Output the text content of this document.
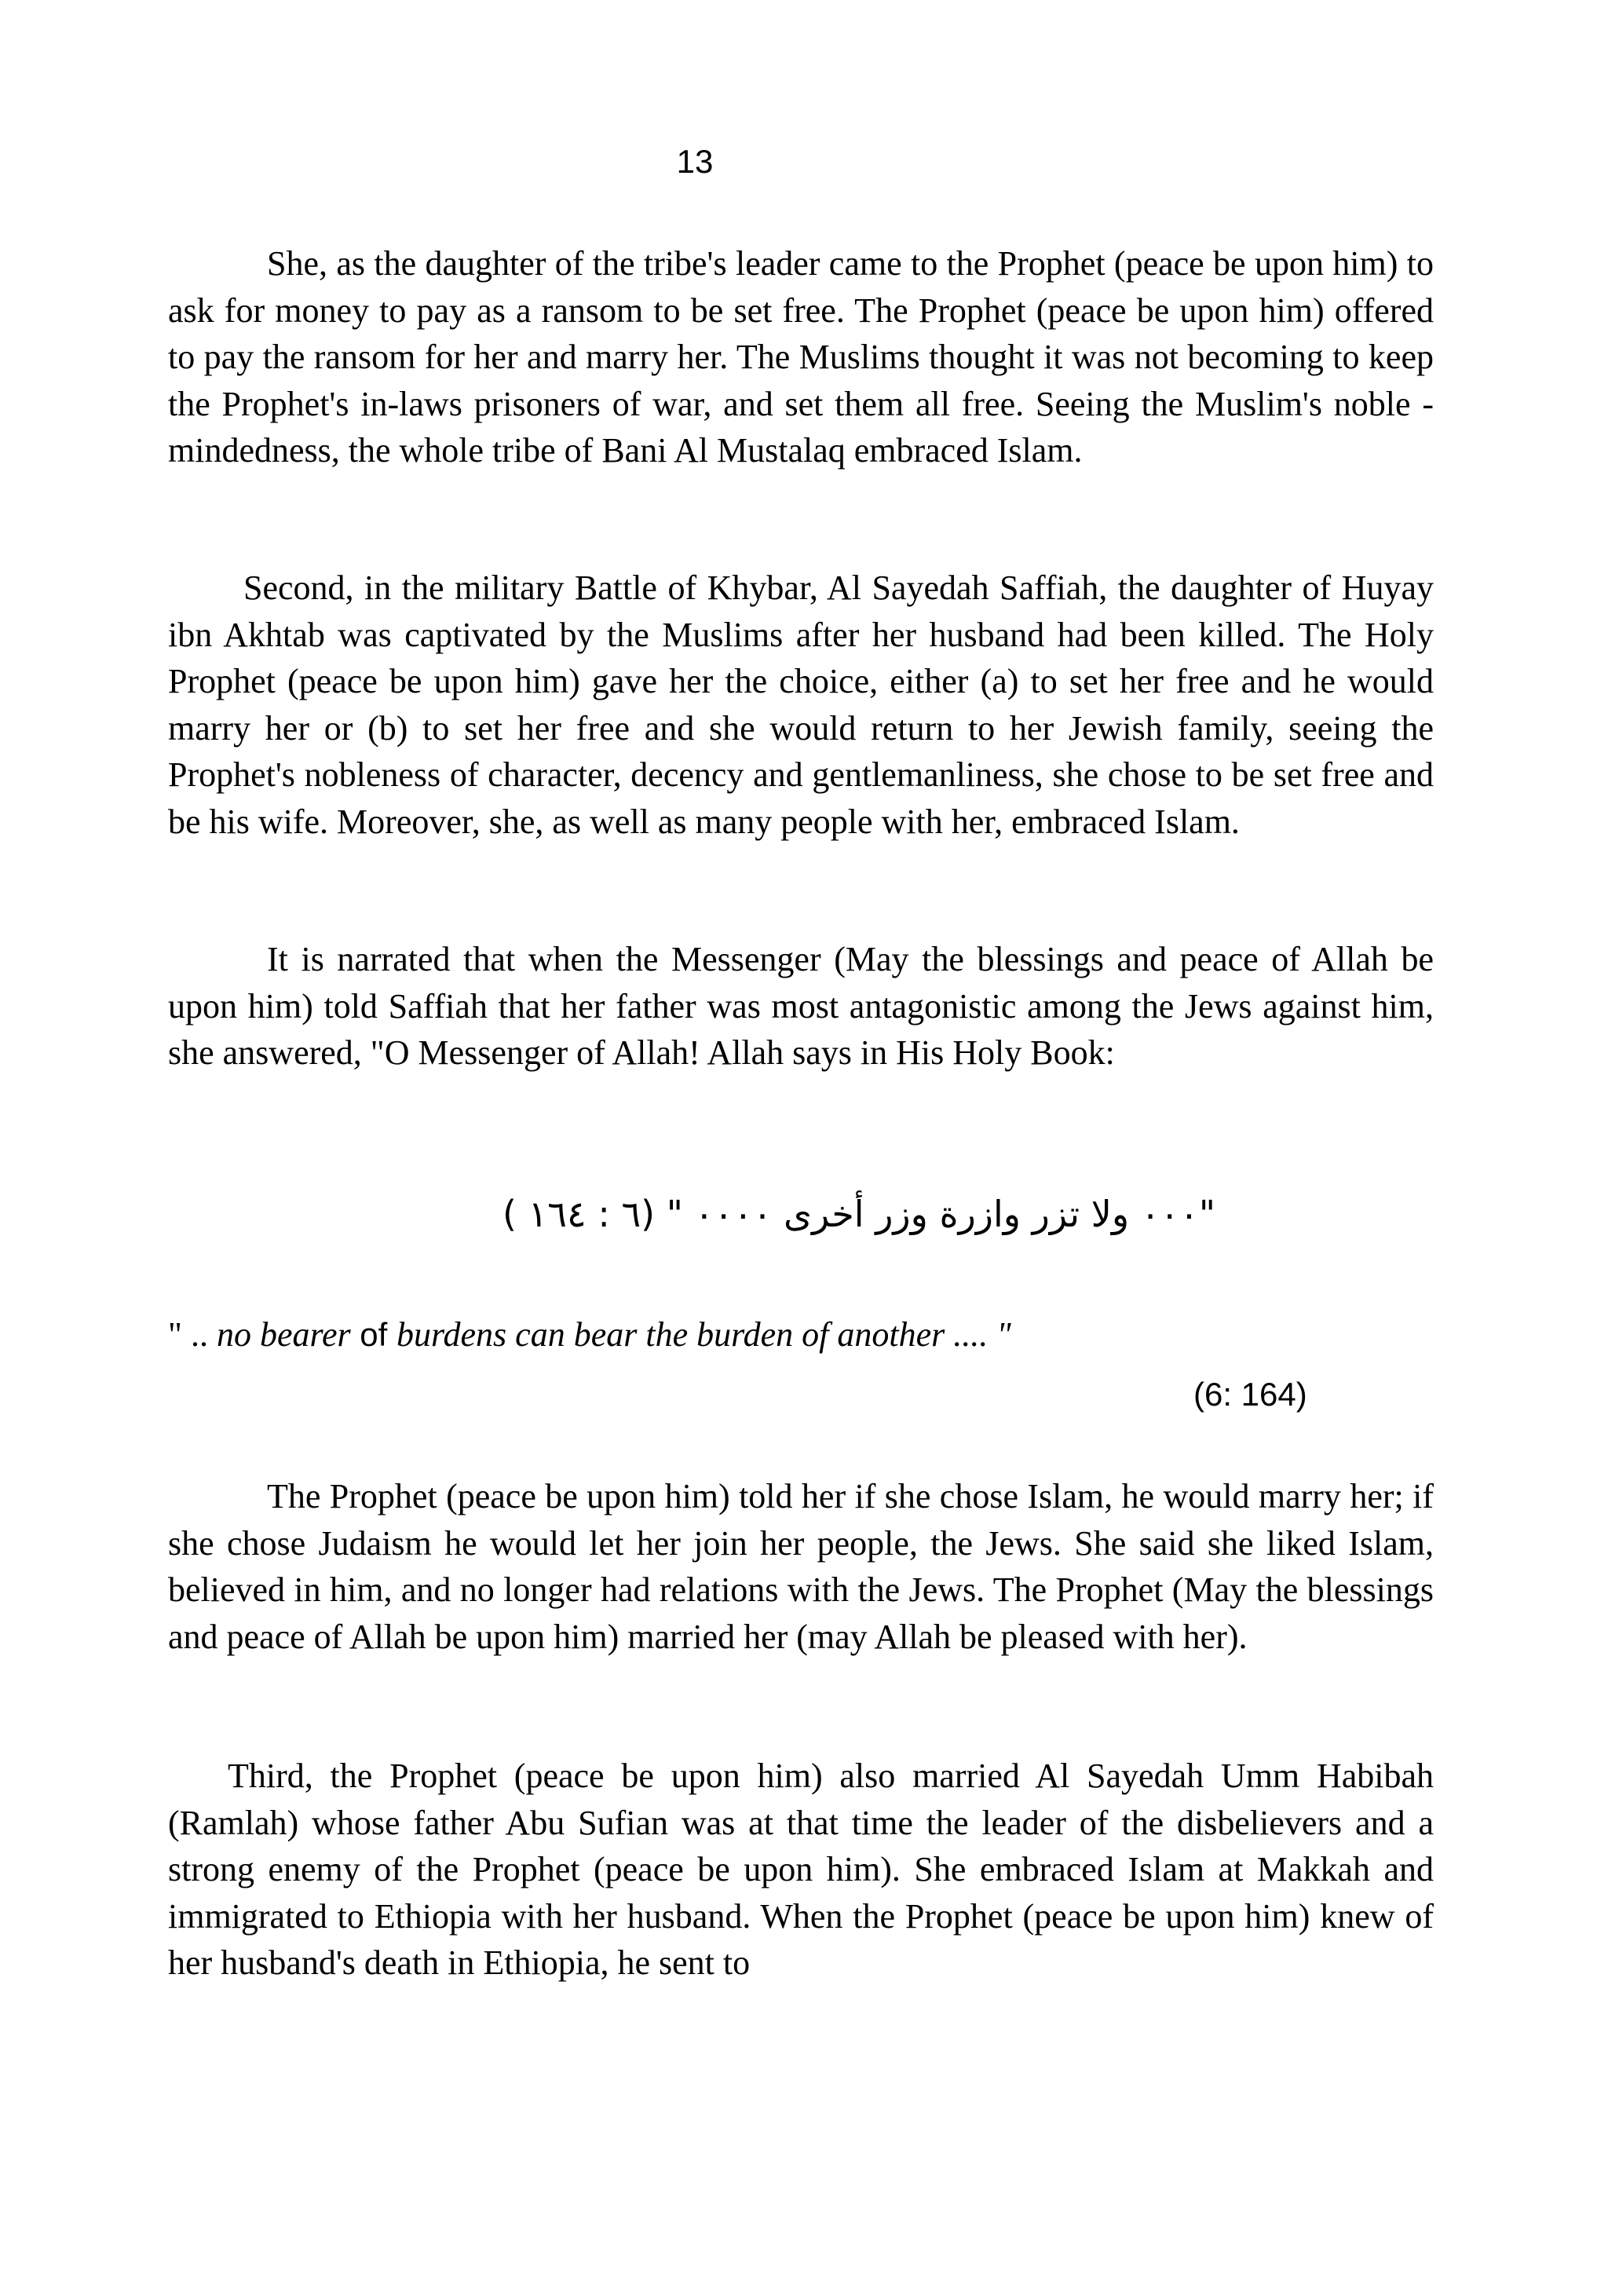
13

She, as the daughter of the tribe's leader came to the Prophet (peace be upon him) to ask for money to pay as a ransom to be set free. The Prophet (peace be upon him) offered to pay the ransom for her and marry her. The Muslims thought it was not becoming to keep the Prophet's in-laws prisoners of war, and set them all free. Seeing the Muslim's noble -mindedness, the whole tribe of Bani Al Mustalaq embraced Islam.

Second, in the military Battle of Khybar, Al Sayedah Saffiah, the daughter of Huyay ibn Akhtab was captivated by the Muslims after her husband had been killed. The Holy Prophet (peace be upon him) gave her the choice, either (a) to set her free and he would marry her or (b) to set her free and she would return to her Jewish family, seeing the Prophet's nobleness of character, decency and gentlemanliness, she chose to be set free and be his wife. Moreover, she, as well as many people with her, embraced Islam.

It is narrated that when the Messenger (May the blessings and peace of Allah be upon him) told Saffiah that her father was most antagonistic among the Jews against him, she answered, "O Messenger of Allah! Allah says in His Holy Book:

"٠٠٠ ولا تزر وازرة وزر أخرى ٠٠٠٠ " (٦ : ١٦٤ )
" .. no bearer of burdens can bear the burden of another .... "
(6: 164)

The Prophet (peace be upon him) told her if she chose Islam, he would marry her; if she chose Judaism he would let her join her people, the Jews. She said she liked Islam, believed in him, and no longer had relations with the Jews. The Prophet (May the blessings and peace of Allah be upon him) married her (may Allah be pleased with her).

Third, the Prophet (peace be upon him) also married Al Sayedah Umm Habibah (Ramlah) whose father Abu Sufian was at that time the leader of the disbelievers and a strong enemy of the Prophet (peace be upon him). She embraced Islam at Makkah and immigrated to Ethiopia with her husband. When the Prophet (peace be upon him) knew of her husband's death in Ethiopia, he sent to
